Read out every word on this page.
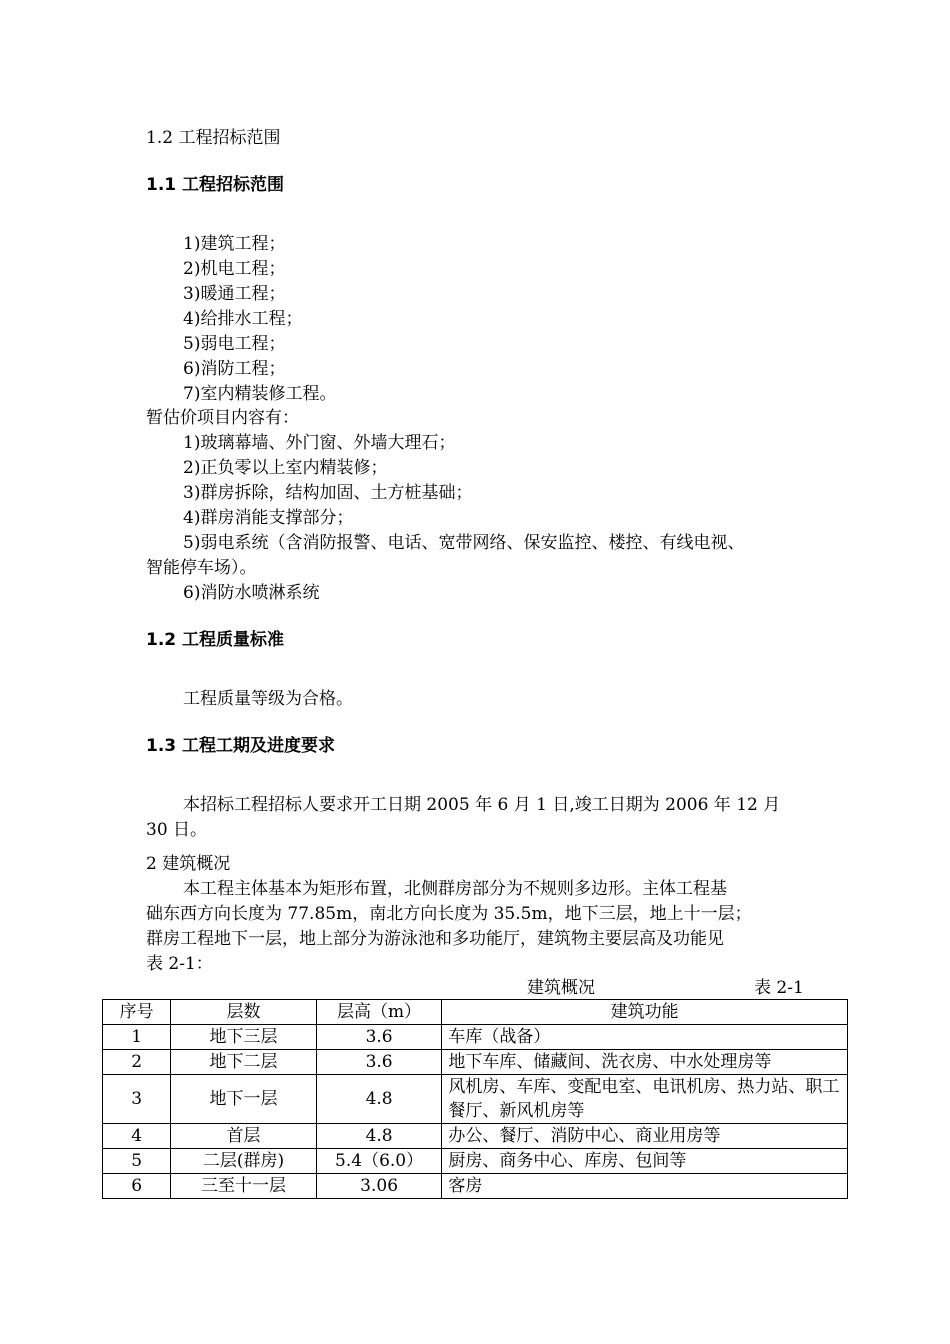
1.2 工程招标范围
1.1 工程招标范围
1)建筑工程；
2)机电工程；
3)暖通工程；
4)给排水工程；
5)弱电工程；
6)消防工程；
7)室内精装修工程。
暂估价项目内容有：
1)玻璃幕墙、外门窗、外墙大理石；
2)正负零以上室内精装修；
3)群房拆除，结构加固、土方桩基础；
4)群房消能支撑部分；
5)弱电系统（含消防报警、电话、宽带网络、保安监控、楼控、有线电视、
智能停车场）。
6)消防水喷淋系统
1.2 工程质量标准
工程质量等级为合格。
1.3 工程工期及进度要求
本招标工程招标人要求开工日期 2005 年 6 月 1 日,竣工日期为 2006 年 12 月
30 日。
2 建筑概况
本工程主体基本为矩形布置，北侧群房部分为不规则多边形。主体工程基
础东西方向长度为 77.85m，南北方向长度为 35.5m，地下三层，地上十一层；
群房工程地下一层，地上部分为游泳池和多功能厅，建筑物主要层高及功能见
表 2-1：
建筑概况	表 2-1
序号	层数	层高（m）	建筑功能
1	地下三层	3.6	车库（战备）
2	地下二层	3.6	地下车库、储藏间、洗衣房、中水处理房等
3	地下一层	4.8	风机房、车库、变配电室、电讯机房、热力站、职工餐厅、新风机房等
4	首层	4.8	办公、餐厅、消防中心、商业用房等
5	二层(群房)	5.4（6.0）	厨房、商务中心、库房、包间等
6	三至十一层	3.06	客房
